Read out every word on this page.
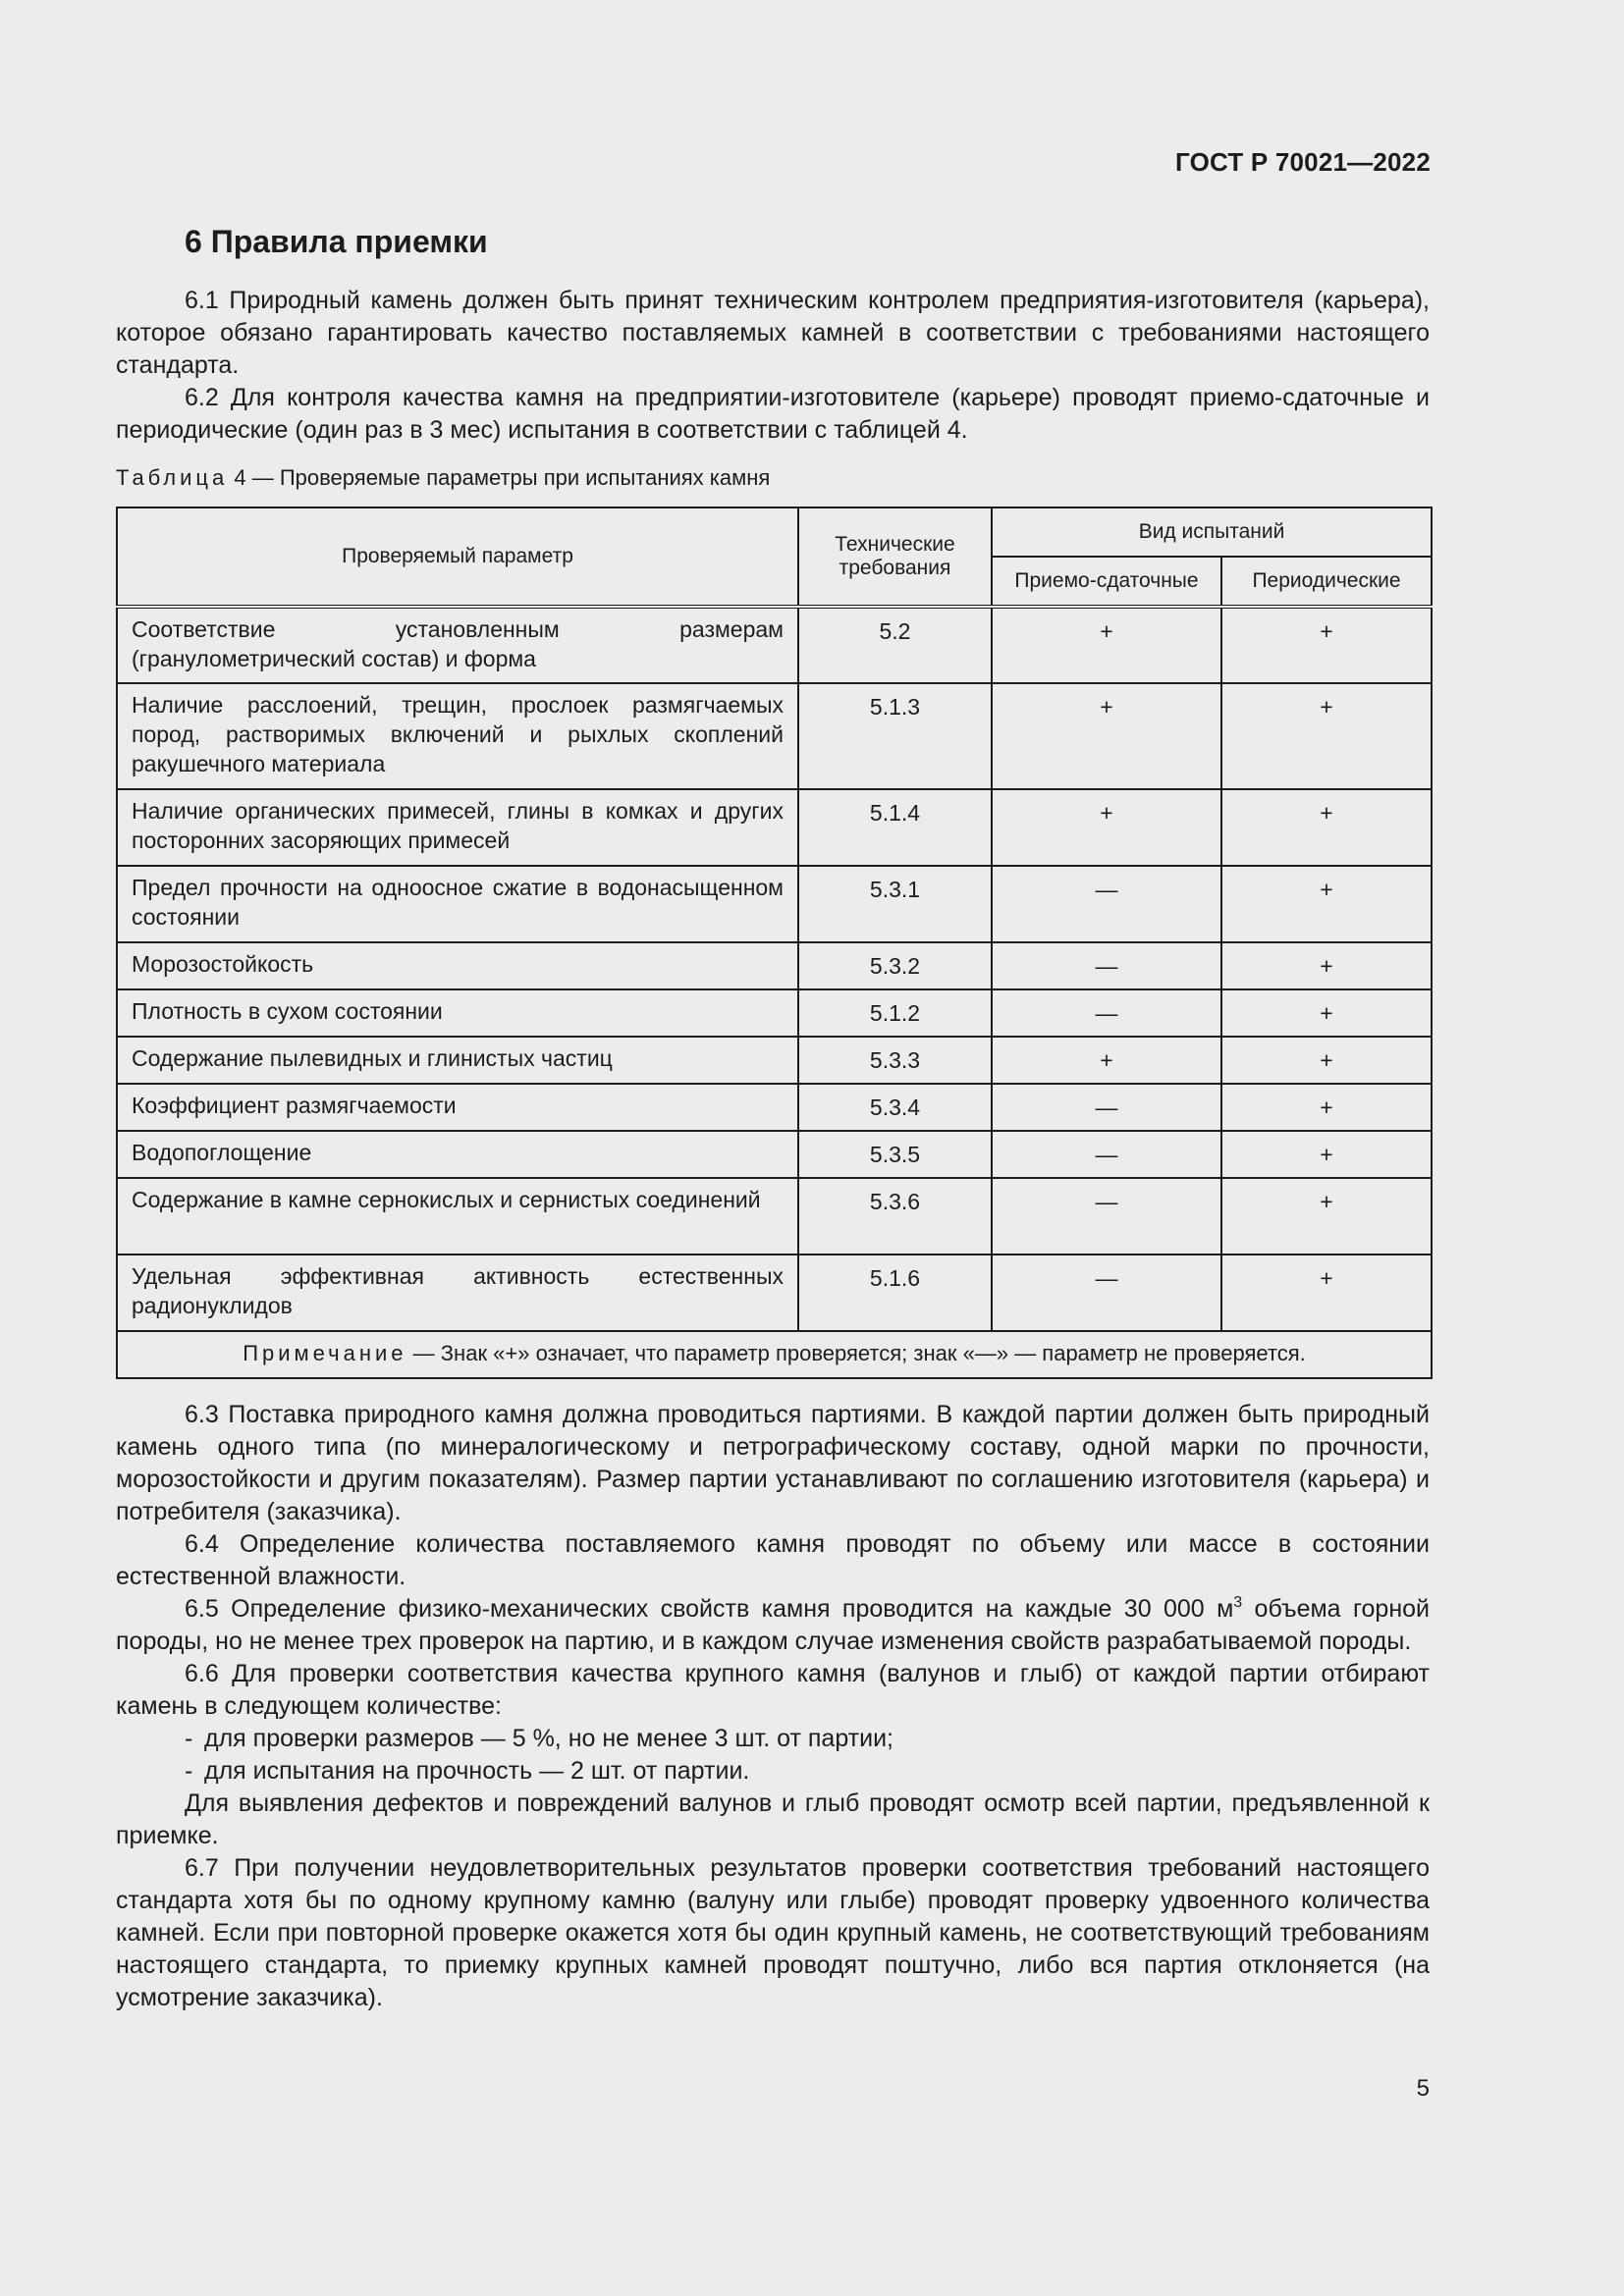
ГОСТ Р 70021—2022
6 Правила приемки

6.1 Природный камень должен быть принят техническим контролем предприятия-изготовителя (карьера), которое обязано гарантировать качество поставляемых камней в соответствии с требованиями настоящего стандарта.

6.2 Для контроля качества камня на предприятии-изготовителе (карьере) проводят приемо-сдаточные и периодические (один раз в 3 мес) испытания в соответствии с таблицей 4.

Таблица 4 — Проверяемые параметры при испытаниях камня
Проверяемый параметр	Технические требования	Вид испытаний	
		Приемо-сдаточные	Периодические
Соответствие установленным размерам (гранулометрический состав) и форма	5.2	+	+
Наличие расслоений, трещин, прослоек размягчаемых пород, растворимых включений и рыхлых скоплений ракушечного материала	5.1.3	+	+
Наличие органических примесей, глины в комках и других посторонних засоряющих примесей	5.1.4	+	+
Предел прочности на одноосное сжатие в водонасыщенном состоянии	5.3.1	—	+
Морозостойкость	5.3.2	—	+
Плотность в сухом состоянии	5.1.2	—	+
Содержание пылевидных и глинистых частиц	5.3.3	+	+
Коэффициент размягчаемости	5.3.4	—	+
Водопоглощение	5.3.5	—	+
Содержание в камне сернокислых и сернистых соединений	5.3.6	—	+
Удельная эффективная активность естественных радионуклидов	5.1.6	—	+
Примечание — Знак «+» означает, что параметр проверяется; знак «—» — параметр не проверяется.			

6.3 Поставка природного камня должна проводиться партиями. В каждой партии должен быть природный камень одного типа (по минералогическому и петрографическому составу, одной марки по прочности, морозостойкости и другим показателям). Размер партии устанавливают по соглашению изготовителя (карьера) и потребителя (заказчика).

6.4 Определение количества поставляемого камня проводят по объему или массе в состоянии естественной влажности.

6.5 Определение физико-механических свойств камня проводится на каждые 30 000 $м^3$ объема горной породы, но не менее трех проверок на партию, и в каждом случае изменения свойств разрабатываемой породы.

6.6 Для проверки соответствия качества крупного камня (валунов и глыб) от каждой партии отбирают камень в следующем количестве:

- для проверки размеров — 5 %, но не менее 3 шт. от партии;

- для испытания на прочность — 2 шт. от партии.

Для выявления дефектов и повреждений валунов и глыб проводят осмотр всей партии, предъявленной к приемке.

6.7 При получении неудовлетворительных результатов проверки соответствия требований настоящего стандарта хотя бы по одному крупному камню (валуну или глыбе) проводят проверку удвоенного количества камней. Если при повторной проверке окажется хотя бы один крупный камень, не соответствующий требованиям настоящего стандарта, то приемку крупных камней проводят поштучно, либо вся партия отклоняется (на усмотрение заказчика).

5
